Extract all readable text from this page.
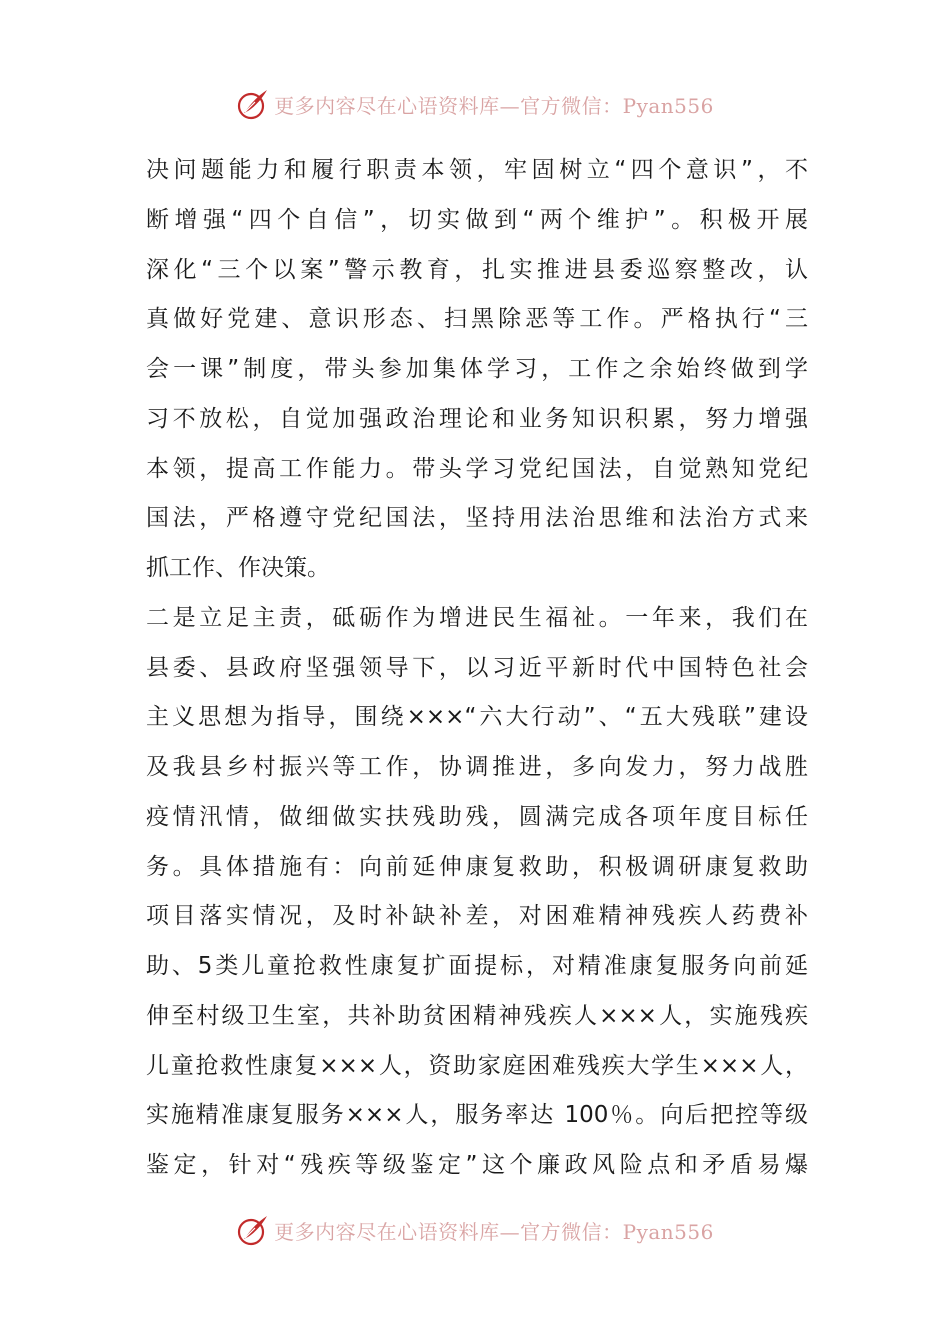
更多内容尽在心语资料库—官方微信：Pyan556
决问题能力和履行职责本领，牢固树立“四个意识”，不
断增强“四个自信”，切实做到“两个维护”。积极开展
深化“三个以案”警示教育，扎实推进县委巡察整改，认
真做好党建、意识形态、扫黑除恶等工作。严格执行“三
会一课”制度，带头参加集体学习，工作之余始终做到学
习不放松，自觉加强政治理论和业务知识积累，努力增强
本领，提高工作能力。带头学习党纪国法，自觉熟知党纪
国法，严格遵守党纪国法，坚持用法治思维和法治方式来
抓工作、作决策。
二是立足主责，砥砺作为增进民生福祉。一年来，我们在
县委、县政府坚强领导下，以习近平新时代中国特色社会
主义思想为指导，围绕×××“六大行动”、“五大残联”建设
及我县乡村振兴等工作，协调推进，多向发力，努力战胜
疫情汛情，做细做实扶残助残，圆满完成各项年度目标任
务。具体措施有：向前延伸康复救助，积极调研康复救助
项目落实情况，及时补缺补差，对困难精神残疾人药费补
助、5类儿童抢救性康复扩面提标，对精准康复服务向前延
伸至村级卫生室，共补助贫困精神残疾人×××人，实施残疾
儿童抢救性康复×××人，资助家庭困难残疾大学生×××人，
实施精准康复服务×××人，服务率达 100％。向后把控等级
鉴定，针对“残疾等级鉴定”这个廉政风险点和矛盾易爆
更多内容尽在心语资料库—官方微信：Pyan556
